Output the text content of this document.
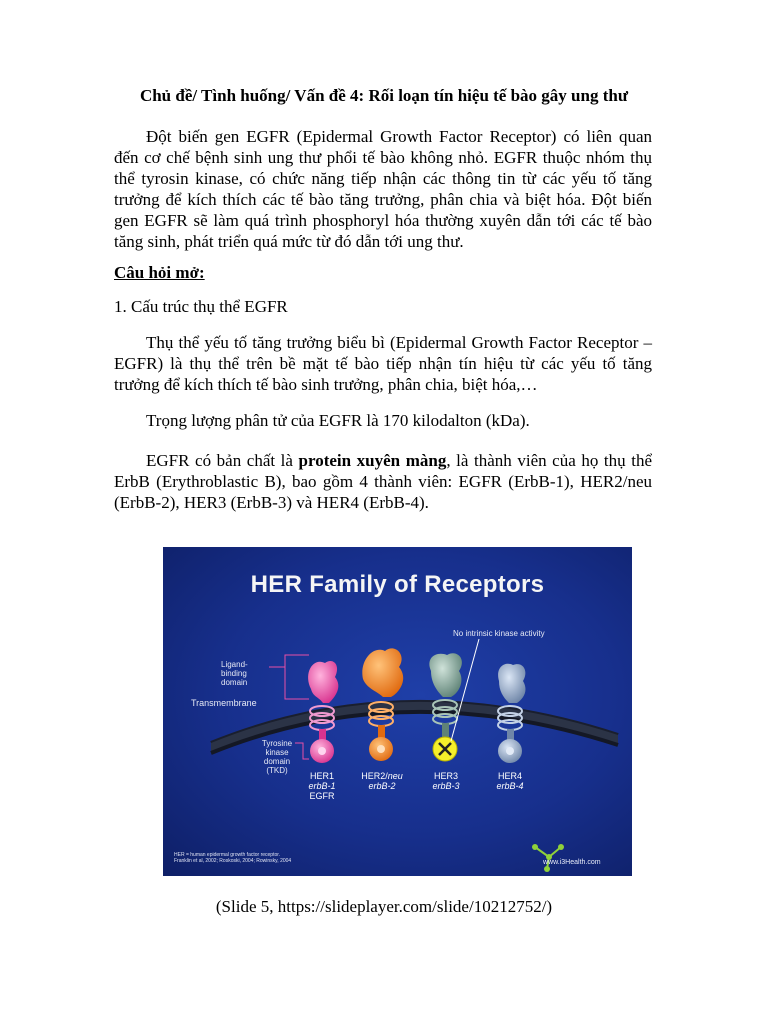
Chủ đề/ Tình huống/ Vấn đề 4: Rối loạn tín hiệu tế bào gây ung thư

Đột biến gen EGFR (Epidermal Growth Factor Receptor) có liên quan đến cơ chế bệnh sinh ung thư phổi tế bào không nhỏ. EGFR thuộc nhóm thụ thể tyrosin kinase, có chức năng tiếp nhận các thông tin từ các yếu tố tăng trưởng để kích thích các tế bào tăng trưởng, phân chia và biệt hóa. Đột biến gen EGFR sẽ làm quá trình phosphoryl hóa thường xuyên dẫn tới các tế bào tăng sinh, phát triển quá mức từ đó dẫn tới ung thư.

Câu hỏi mở:

1. Cấu trúc thụ thể EGFR

Thụ thể yếu tố tăng trưởng biểu bì (Epidermal Growth Factor Receptor – EGFR) là thụ thể trên bề mặt tế bào tiếp nhận tín hiệu từ các yếu tố tăng trưởng để kích thích tế bào sinh trưởng, phân chia, biệt hóa,…

Trọng lượng phân tử của EGFR là 170 kilodalton (kDa).

EGFR có bản chất là protein xuyên màng, là thành viên của họ thụ thể ErbB (Erythroblastic B), bao gồm 4 thành viên: EGFR (ErbB-1), HER2/neu (ErbB-2), HER3 (ErbB-3) và HER4 (ErbB-4).

HER Family of Receptors
Ligand-binding domain
Transmembrane
Tyrosine kinase domain (TKD)
No intrinsic kinase activity
HER1
erbB-1
EGFR
HER2/neu
erbB-2
HER3
erbB-3
HER4
erbB-4
HER = human epidermal growth factor receptor.
Franklin et al, 2002; Roskoski, 2004; Rowinsky, 2004	www.i3Health.com
(Slide 5, https://slideplayer.com/slide/10212752/)
